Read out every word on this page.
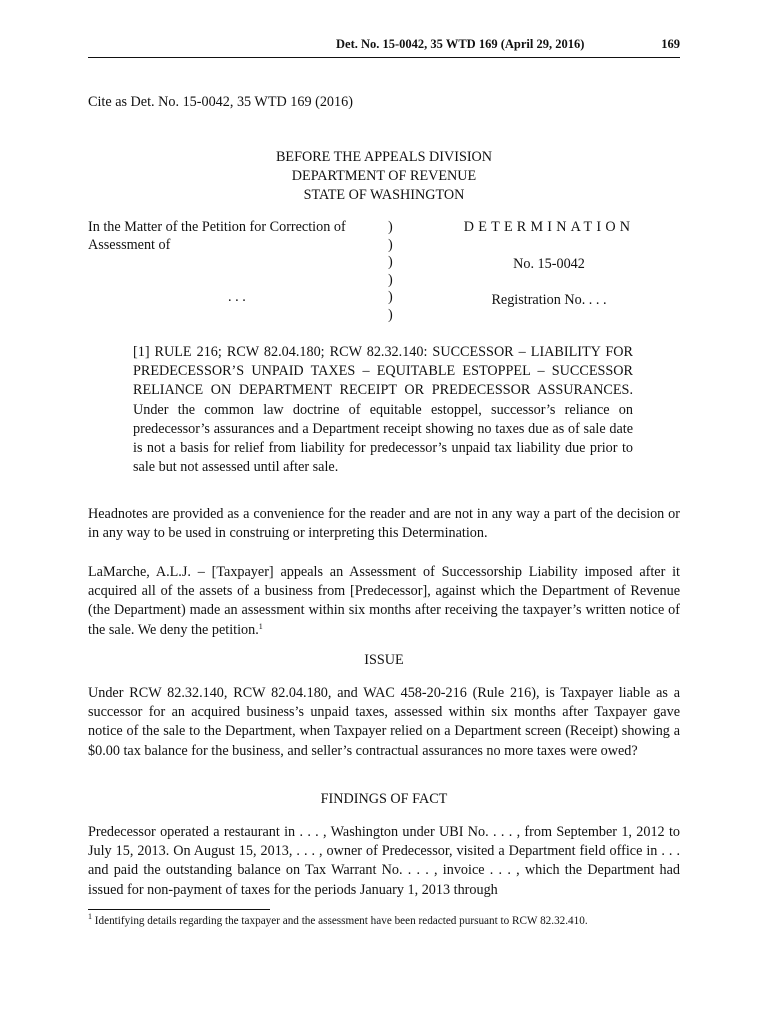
Det. No. 15-0042, 35 WTD 169 (April 29, 2016)	169
Cite as Det. No. 15-0042, 35 WTD 169 (2016)
BEFORE THE APPEALS DIVISION
DEPARTMENT OF REVENUE
STATE OF WASHINGTON
In the Matter of the Petition for Correction of
Assessment of
. . .
)
)
)
)
)
)
DETERMINATION
No. 15-0042
Registration No. . . .
[1] RULE 216; RCW 82.04.180; RCW 82.32.140: SUCCESSOR – LIABILITY FOR PREDECESSOR’S UNPAID TAXES – EQUITABLE ESTOPPEL – SUCCESSOR RELIANCE ON DEPARTMENT RECEIPT OR PREDECESSOR ASSURANCES. Under the common law doctrine of equitable estoppel, successor’s reliance on predecessor’s assurances and a Department receipt showing no taxes due as of sale date is not a basis for relief from liability for predecessor’s unpaid tax liability due prior to sale but not assessed until after sale.
Headnotes are provided as a convenience for the reader and are not in any way a part of the decision or in any way to be used in construing or interpreting this Determination.
LaMarche, A.L.J. – [Taxpayer] appeals an Assessment of Successorship Liability imposed after it acquired all of the assets of a business from [Predecessor], against which the Department of Revenue (the Department) made an assessment within six months after receiving the taxpayer’s written notice of the sale. We deny the petition.$^1$
ISSUE
Under RCW 82.32.140, RCW 82.04.180, and WAC 458-20-216 (Rule 216), is Taxpayer liable as a successor for an acquired business’s unpaid taxes, assessed within six months after Taxpayer gave notice of the sale to the Department, when Taxpayer relied on a Department screen (Receipt) showing a $0.00 tax balance for the business, and seller’s contractual assurances no more taxes were owed?
FINDINGS OF FACT
Predecessor operated a restaurant in . . . , Washington under UBI No. . . . , from September 1, 2012 to July 15, 2013. On August 15, 2013, . . . , owner of Predecessor, visited a Department field office in . . . and paid the outstanding balance on Tax Warrant No. . . . , invoice . . . , which the Department had issued for non-payment of taxes for the periods January 1, 2013 through
$^1$ Identifying details regarding the taxpayer and the assessment have been redacted pursuant to RCW 82.32.410.
